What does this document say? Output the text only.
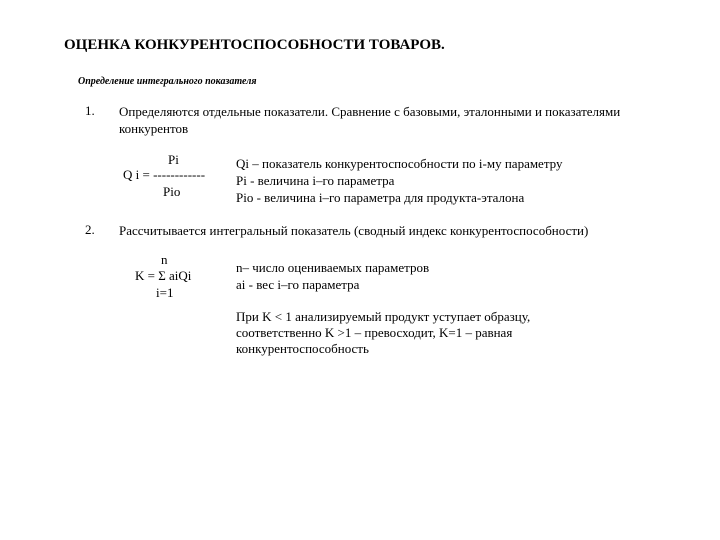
ОЦЕНКА КОНКУРЕНТОСПОСОБНОСТИ ТОВАРОВ.
Определение интегрального показателя
1. Определяются отдельные показатели. Сравнение с базовыми, эталонными и показателями
конкурентов
Pi
Q i = ------------
Piо
Qi – показатель конкурентоспособности по i-му параметру
Pi - величина i–го параметра
Piо - величина i–го параметра для продукта-эталона
2. Рассчитывается интегральный показатель (сводный индекс конкурентоспособности)
n
K = Σ aiQi
i=1
n– число оцениваемых параметров
ai - вес i–го параметра
При K < 1 анализируемый продукт уступает образцу,
соответственно K >1 – превосходит, K=1 – равная
конкурентоспособность
